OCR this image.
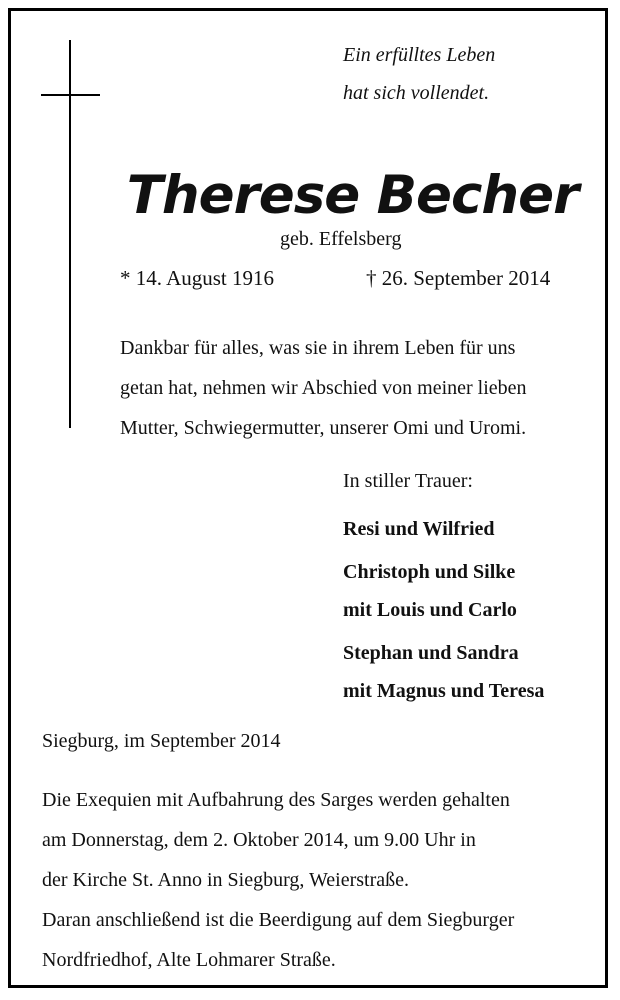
Ein erfülltes Leben
hat sich vollendet.
Therese Becher
geb. Effelsberg
* 14. August 1916	† 26. September 2014
Dankbar für alles, was sie in ihrem Leben für uns
getan hat, nehmen wir Abschied von meiner lieben
Mutter, Schwiegermutter, unserer Omi und Uromi.
In stiller Trauer:
Resi und Wilfried
Christoph und Silke
mit Louis und Carlo
Stephan und Sandra
mit Magnus und Teresa
Siegburg, im September 2014
Die Exequien mit Aufbahrung des Sarges werden gehalten
am Donnerstag, dem 2. Oktober 2014, um 9.00 Uhr in
der Kirche St. Anno in Siegburg, Weierstraße.
Daran anschließend ist die Beerdigung auf dem Siegburger
Nordfriedhof, Alte Lohmarer Straße.
